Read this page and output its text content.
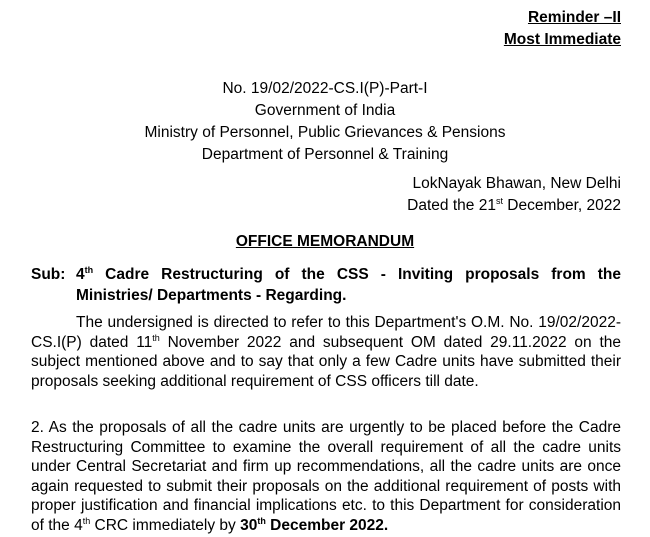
Reminder –II
Most Immediate
No. 19/02/2022-CS.I(P)-Part-I
Government of India
Ministry of Personnel, Public Grievances & Pensions
Department of Personnel & Training
LokNayak Bhawan, New Delhi
Dated the 21st December, 2022
OFFICE MEMORANDUM
Sub: 4th Cadre Restructuring of the CSS - Inviting proposals from the Ministries/ Departments - Regarding.
The undersigned is directed to refer to this Department's O.M. No. 19/02/2022-CS.I(P) dated 11th November 2022 and subsequent OM dated 29.11.2022 on the subject mentioned above and to say that only a few Cadre units have submitted their proposals seeking additional requirement of CSS officers till date.
2. As the proposals of all the cadre units are urgently to be placed before the Cadre Restructuring Committee to examine the overall requirement of all the cadre units under Central Secretariat and firm up recommendations, all the cadre units are once again requested to submit their proposals on the additional requirement of posts with proper justification and financial implications etc. to this Department for consideration of the 4th CRC immediately by 30th December 2022.
